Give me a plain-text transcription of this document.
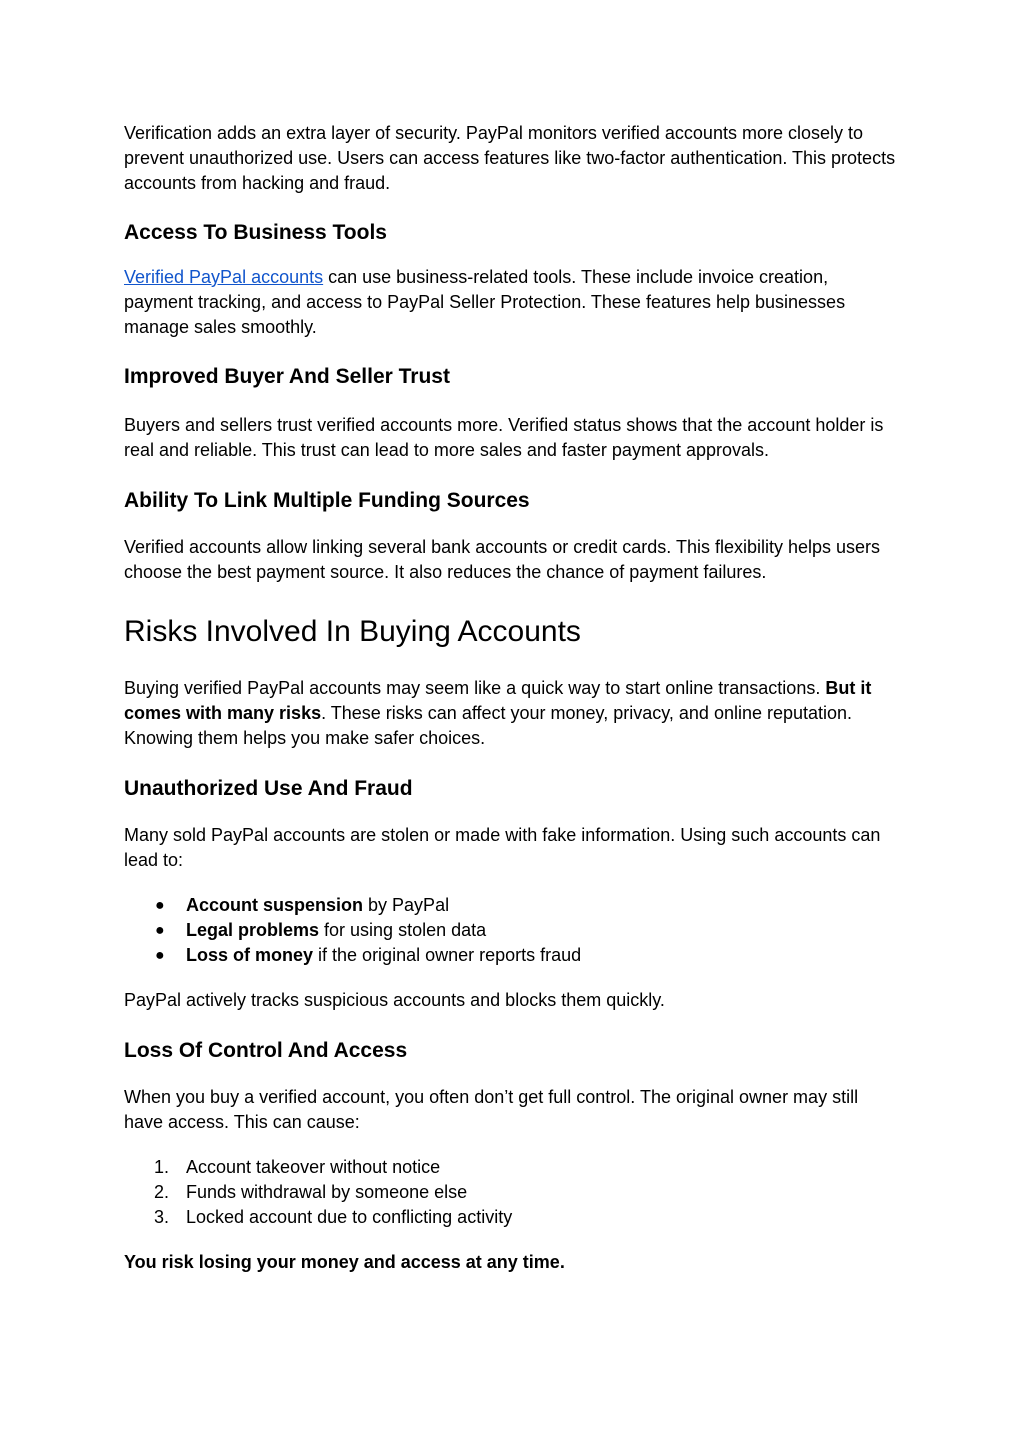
Verification adds an extra layer of security. PayPal monitors verified accounts more closely to prevent unauthorized use. Users can access features like two-factor authentication. This protects accounts from hacking and fraud.

Access To Business Tools

Verified PayPal accounts can use business-related tools. These include invoice creation, payment tracking, and access to PayPal Seller Protection. These features help businesses manage sales smoothly.

Improved Buyer And Seller Trust

Buyers and sellers trust verified accounts more. Verified status shows that the account holder is real and reliable. This trust can lead to more sales and faster payment approvals.

Ability To Link Multiple Funding Sources

Verified accounts allow linking several bank accounts or credit cards. This flexibility helps users choose the best payment source. It also reduces the chance of payment failures.

Risks Involved In Buying Accounts

Buying verified PayPal accounts may seem like a quick way to start online transactions. But it comes with many risks. These risks can affect your money, privacy, and online reputation. Knowing them helps you make safer choices.

Unauthorized Use And Fraud

Many sold PayPal accounts are stolen or made with fake information. Using such accounts can lead to:

● Account suspension by PayPal
● Legal problems for using stolen data
● Loss of money if the original owner reports fraud

PayPal actively tracks suspicious accounts and blocks them quickly.

Loss Of Control And Access

When you buy a verified account, you often don’t get full control. The original owner may still have access. This can cause:

1. Account takeover without notice
2. Funds withdrawal by someone else
3. Locked account due to conflicting activity

You risk losing your money and access at any time.
